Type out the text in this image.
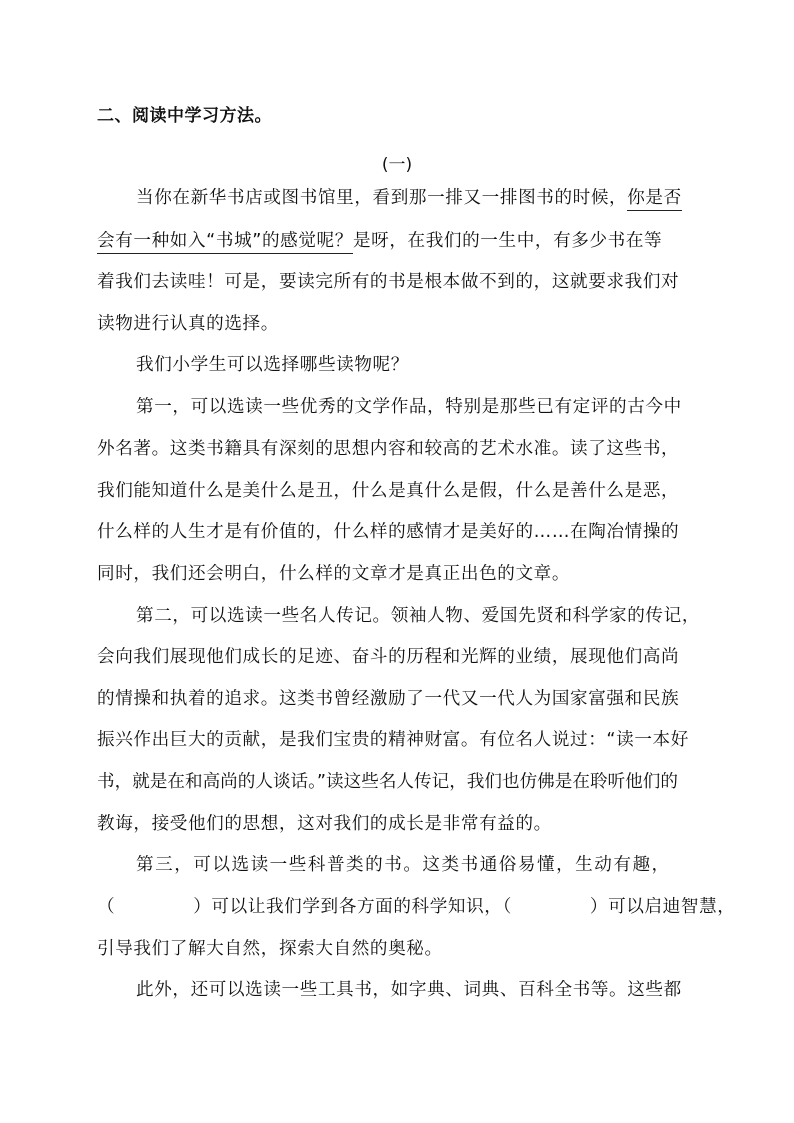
二、阅读中学习方法。
(一)
当你在新华书店或图书馆里，看到那一排又一排图书的时候，你是否
会有一种如入“书城”的感觉呢？是呀，在我们的一生中，有多少书在等
着我们去读哇！可是，要读完所有的书是根本做不到的，这就要求我们对
读物进行认真的选择。
我们小学生可以选择哪些读物呢？
第一，可以选读一些优秀的文学作品，特别是那些已有定评的古今中
外名著。这类书籍具有深刻的思想内容和较高的艺术水准。读了这些书，
我们能知道什么是美什么是丑，什么是真什么是假，什么是善什么是恶，
什么样的人生才是有价值的，什么样的感情才是美好的……在陶冶情操的
同时，我们还会明白，什么样的文章才是真正出色的文章。
第二，可以选读一些名人传记。领袖人物、爱国先贤和科学家的传记，
会向我们展现他们成长的足迹、奋斗的历程和光辉的业绩，展现他们高尚
的情操和执着的追求。这类书曾经激励了一代又一代人为国家富强和民族
振兴作出巨大的贡献，是我们宝贵的精神财富。有位名人说过：“读一本好
书，就是在和高尚的人谈话。”读这些名人传记，我们也仿佛是在聆听他们的
教诲，接受他们的思想，这对我们的成长是非常有益的。
第三，可以选读一些科普类的书。这类书通俗易懂，生动有趣，
（	）可以让我们学到各方面的科学知识，（	）可以启迪智慧，
引导我们了解大自然，探索大自然的奥秘。
此外，还可以选读一些工具书，如字典、词典、百科全书等。这些都
